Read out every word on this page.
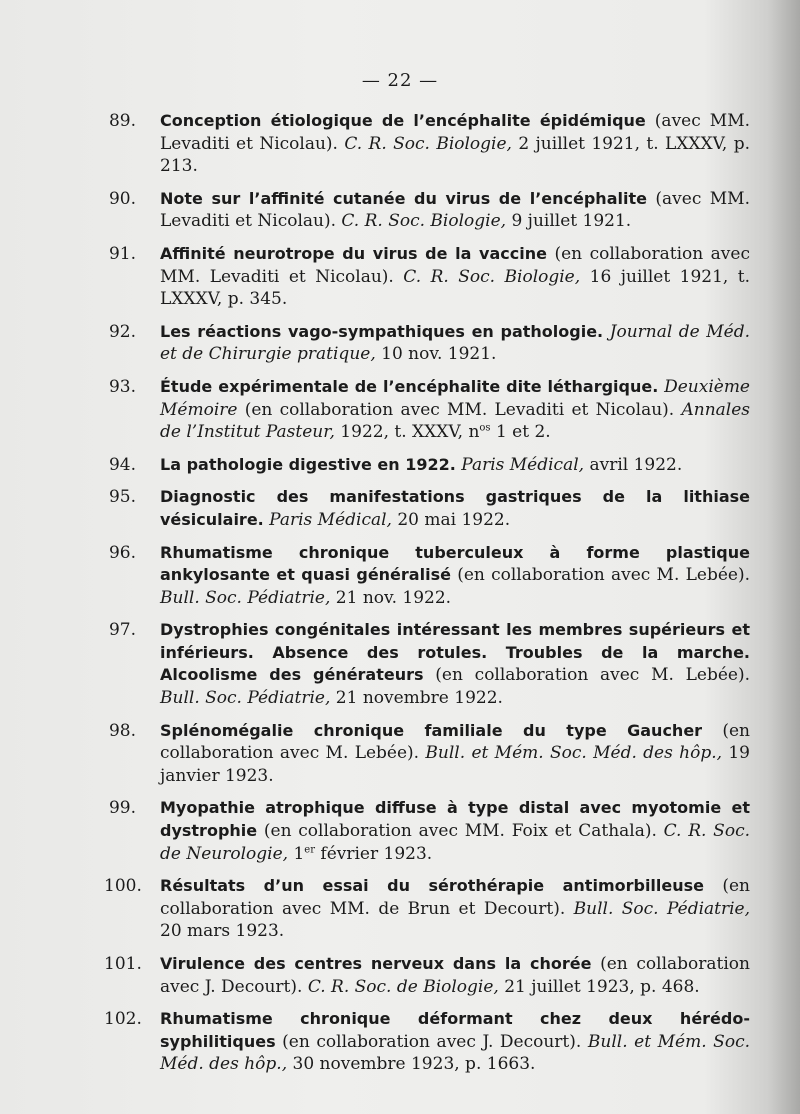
— 22 —
89. Conception étiologique de l’encéphalite épidémique (avec MM. Levaditi et Nicolau). C. R. Soc. Biologie, 2 juillet 1921, t. LXXXV, p. 213.
90. Note sur l’affinité cutanée du virus de l’encéphalite (avec MM. Levaditi et Nicolau). C. R. Soc. Biologie, 9 juillet 1921.
91. Affinité neurotrope du virus de la vaccine (en collaboration avec MM. Levaditi et Nicolau). C. R. Soc. Biologie, 16 juillet 1921, t. LXXXV, p. 345.
92. Les réactions vago-sympathiques en pathologie. Journal de Méd. et de Chirurgie pratique, 10 nov. 1921.
93. Étude expérimentale de l’encéphalite dite léthargique. Deuxième Mémoire (en collaboration avec MM. Levaditi et Nicolau). Annales de l’Institut Pasteur, 1922, t. XXXV, $n^{os}$ 1 et 2.
94. La pathologie digestive en 1922. Paris Médical, avril 1922.
95. Diagnostic des manifestations gastriques de la lithiase vésiculaire. Paris Médical, 20 mai 1922.
96. Rhumatisme chronique tuberculeux à forme plastique ankylosante et quasi généralisé (en collaboration avec M. Lebée). Bull. Soc. Pédiatrie, 21 nov. 1922.
97. Dystrophies congénitales intéressant les membres supérieurs et inférieurs. Absence des rotules. Troubles de la marche. Alcoolisme des générateurs (en collaboration avec M. Lebée). Bull. Soc. Pédiatrie, 21 novembre 1922.
98. Splénomégalie chronique familiale du type Gaucher (en collaboration avec M. Lebée). Bull. et Mém. Soc. Méd. des hôp., 19 janvier 1923.
99. Myopathie atrophique diffuse à type distal avec myotomie et dystrophie (en collaboration avec MM. Foix et Cathala). C. R. Soc. de Neurologie, 1er février 1923.
100. Résultats d’un essai du sérothérapie antimorbilleuse (en collaboration avec MM. de Brun et Decourt). Bull. Soc. Pédiatrie, 20 mars 1923.
101. Virulence des centres nerveux dans la chorée (en collaboration avec J. Decourt). C. R. Soc. de Biologie, 21 juillet 1923, p. 468.
102. Rhumatisme chronique déformant chez deux hérédo-syphilitiques (en collaboration avec J. Decourt). Bull. et Mém. Soc. Méd. des hôp., 30 novembre 1923, p. 1663.
